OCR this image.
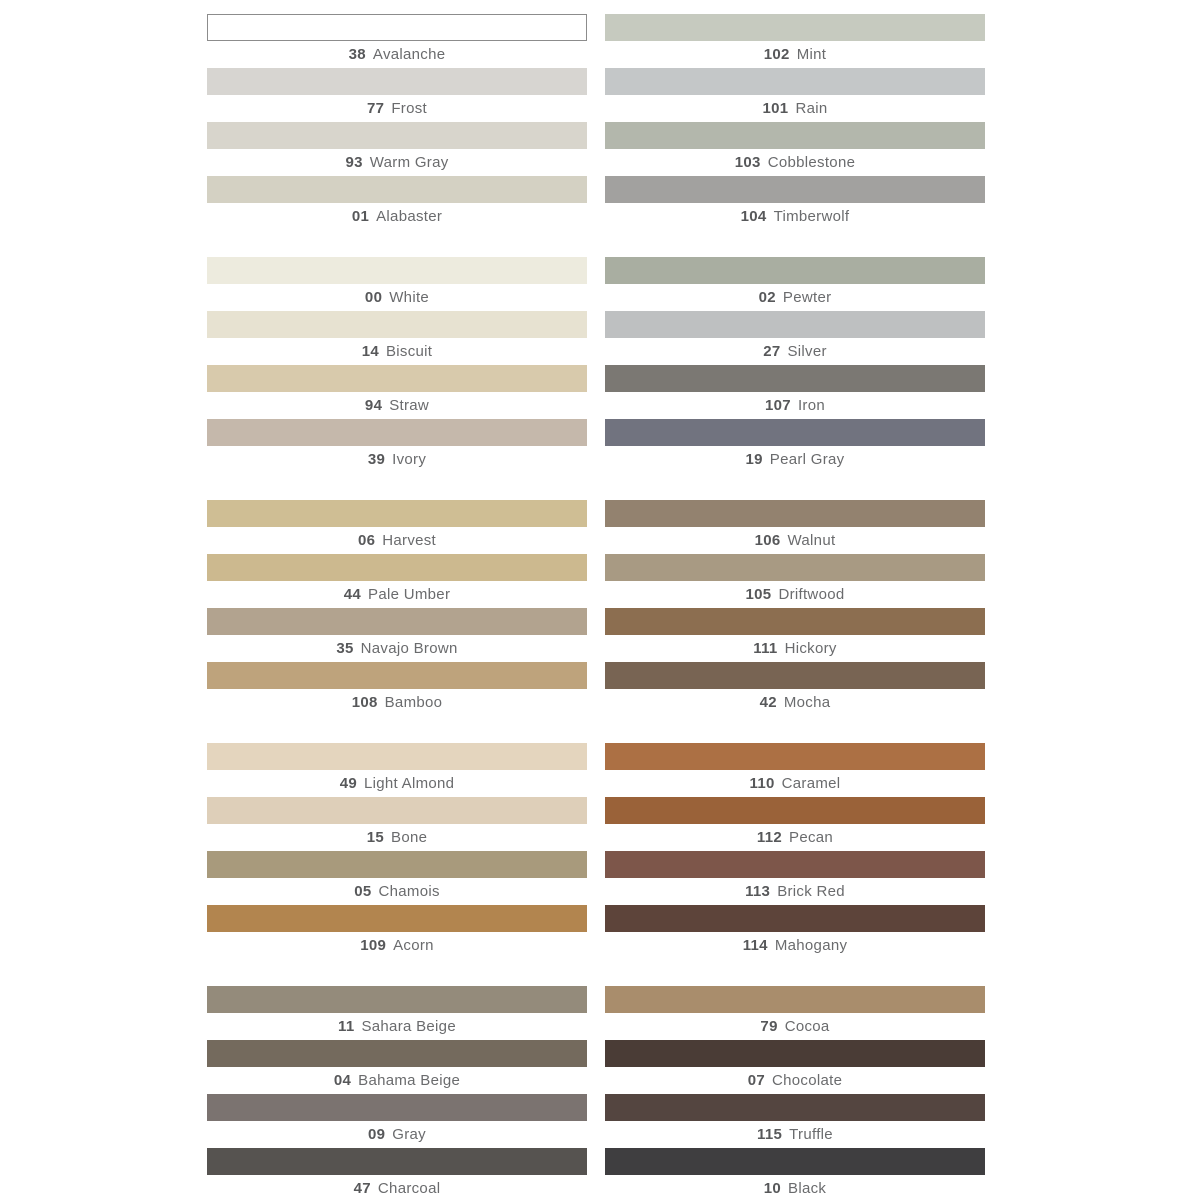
38 Avalanche
77 Frost
93 Warm Gray
01 Alabaster
00 White
14 Biscuit
94 Straw
39 Ivory
06 Harvest
44 Pale Umber
35 Navajo Brown
108 Bamboo
49 Light Almond
15 Bone
05 Chamois
109 Acorn
11 Sahara Beige
04 Bahama Beige
09 Gray
47 Charcoal
102 Mint
101 Rain
103 Cobblestone
104 Timberwolf
02 Pewter
27 Silver
107 Iron
19 Pearl Gray
106 Walnut
105 Driftwood
111 Hickory
42 Mocha
110 Caramel
112 Pecan
113 Brick Red
114 Mahogany
79 Cocoa
07 Chocolate
115 Truffle
10 Black
